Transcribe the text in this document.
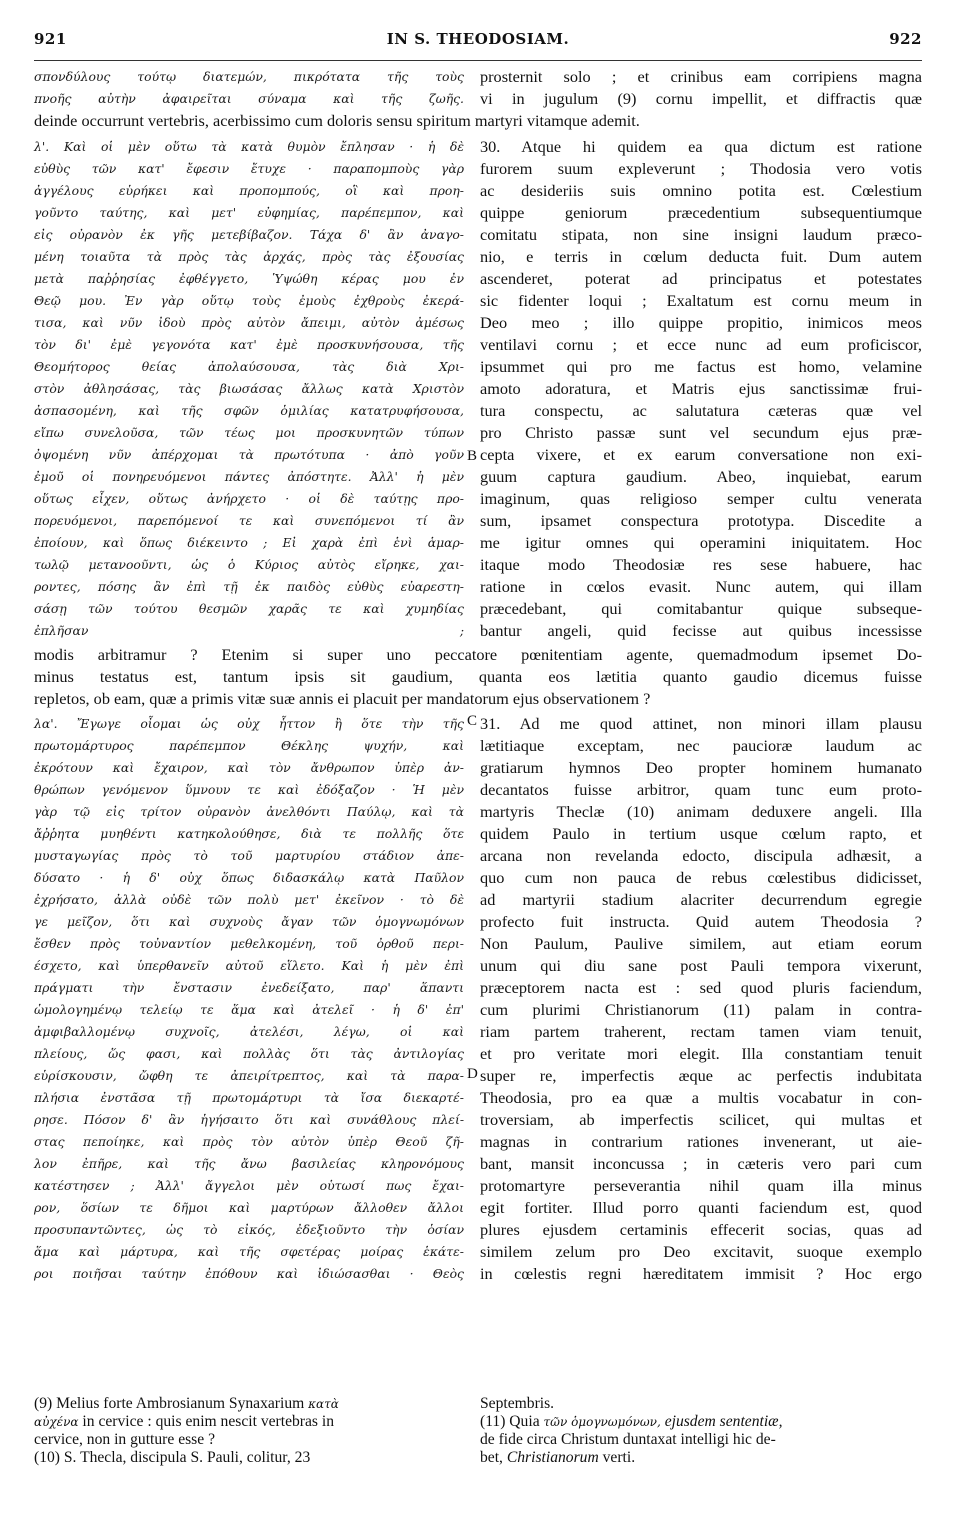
921	IN S. THEODOSIAM.	922
σπονδύλους τούτῳ διατεμών, πικρότατα τῆς τοὺς
πνοῆς αὐτὴν ἀφαιρεῖται σύναμα καὶ τῆς ζωῆς.
prosternit solo ; et crinibus eam corripiens magna
vi in jugulum (9) cornu impellit, et diffractis quæ
deinde occurrunt vertebris, acerbissimo cum doloris sensu spiritum martyri vitamque ademit.
λ'. Καὶ οἱ μὲν οὕτω τὰ κατὰ θυμὸν ἔπλησαν · ἡ δὲ
εὐθὺς τῶν κατ' ἔφεσιν ἔτυχε · παραπομποὺς γὰρ
ἀγγέλους εὑρήκει καὶ προπομπούς, οἳ καὶ προη-
γοῦντο ταύτης, καὶ μετ' εὐφημίας, παρέπεμπον, καὶ
εἰς οὐρανὸν ἐκ γῆς μετεβίβαζον. Τάχα δ' ἂν ἀναγο-
μένη τοιαῦτα τὰ πρὸς τὰς ἀρχάς, πρὸς τὰς ἐξουσίας
μετὰ παῤῥησίας ἐφθέγγετο, Ὑψώθη κέρας μου ἐν
Θεῷ μου. Ἐν γὰρ οὕτῳ τοὺς ἐμοὺς ἐχθροὺς ἐκερά-
τισα, καὶ νῦν ἰδοὺ πρὸς αὐτὸν ἄπειμι, αὐτὸν ἀμέσως
τὸν δι' ἐμὲ γεγονότα κατ' ἐμὲ προσκυνήσουσα, τῆς
Θεομήτορος θείας ἀπολαύσουσα, τὰς διὰ Χρι-
στὸν ἀθλησάσας, τὰς βιωσάσας ἄλλως κατὰ Χριστὸν
ἀσπασομένη, καὶ τῆς σφῶν ὁμιλίας κατατρυφήσουσα,
εἴπω συνελοῦσα, τῶν τέως μοι προσκυνητῶν τύπων
ὀψομένη νῦν ἀπέρχομαι τὰ πρωτότυπα · ἀπὸ γοῦν
ἐμοῦ οἱ πονηρευόμενοι πάντες ἀπόστητε. Ἀλλ' ἡ μὲν
οὕτως εἶχεν, οὕτως ἀνήρχετο · οἱ δὲ ταύτῃς προ-
πορευόμενοι, παρεπόμενοί τε καὶ συνεπόμενοι τί ἂν
ἐποίουν, καὶ ὅπως διέκειντο ; Εἰ χαρὰ ἐπὶ ἑνὶ ἁμαρ-
τωλῷ μετανοοῦντι, ὡς ὁ Κύριος αὐτὸς εἴρηκε, χαι-
ροντες, πόσης ἂν ἐπὶ τῇ ἐκ παιδὸς εὐθὺς εὐαρεστη-
σάσῃ τῶν τούτου θεσμῶν χαρᾶς τε καὶ χυμηδίας
ἐπλῆσαν ;
30. Atque hi quidem ea qua dictum est ratione
furorem suum expleverunt ; Thodosia vero votis
ac desideriis suis omnino potita est. Cœlestium
quippe geniorum præcedentium subsequentiumque
comitatu stipata, non sine insigni laudum præco-
nio, e terris in cœlum deducta fuit. Dum autem
ascenderet, poterat ad principatus et potestates
sic fidenter loqui ; Exaltatum est cornu meum in
Deo meo ; illo quippe propitio, inimicos meos
ventilavi cornu ; et ecce nunc ad eum proficiscor,
ipsummet qui pro me factus est homo, velamine
amoto adoratura, et Matris ejus sanctissimæ frui-
tura conspectu, ac salutatura cæteras quæ vel
pro Christo passæ sunt vel secundum ejus præ-
cepta vixere, et ex earum conversatione non exi-
guum captura gaudium. Abeo, inquiebat, earum
imaginum, quas religioso semper cultu venerata
sum, ipsamet conspectura prototypa. Discedite a
me igitur omnes qui operamini iniquitatem. Hoc
itaque modo Theodosiæ res sese habuere, hac
ratione in cœlos evasit. Nunc autem, qui illam
præcedebant, qui comitabantur quique subseque-
bantur angeli, quid fecisse aut quibus incessisse
B
modis arbitramur ? Etenim si super uno peccatore pœnitentiam agente, quemadmodum ipsemet Do-
minus testatus est, tantum ipsis sit gaudium, quanta eos lætitia quanto gaudio dicemus fuisse
repletos, ob eam, quæ a primis vitæ suæ annis ei placuit per mandatorum ejus observationem ?
λα'. Ἔγωγε οἶομαι ὡς οὐχ ἧττον ἢ ὅτε τὴν τῆς
πρωτομάρτυρος παρέπεμπον Θέκλης ψυχήν, καὶ
ἐκρότουν καὶ ἔχαιρον, καὶ τὸν ἄνθρωπον ὑπὲρ ἀν-
θρώπων γενόμενον ὕμνουν τε καὶ ἐδόξαζον · Ἡ μὲν
γὰρ τῷ εἰς τρίτον οὐρανὸν ἀνελθόντι Παύλῳ, καὶ τὰ
ἄῤῥητα μυηθέντι κατηκολούθησε, διὰ τε πολλῆς ὅτε
μυσταγωγίας πρὸς τὸ τοῦ μαρτυρίου στάδιον ἀπε-
δύσατο · ἡ δ' οὐχ ὅπως διδασκάλῳ κατὰ Παῦλον
ἐχρήσατο, ἀλλὰ οὐδὲ τῶν πολὺ μετ' ἐκεῖνον · τὸ δὲ
γε μεῖζον, ὅτι καὶ συχνοὺς ἄγαν τῶν ὁμογνωμόνων
ἔσθεν πρὸς τοὐναντίον μεθελκομένη, τοῦ ὀρθοῦ περι-
έσχετο, καὶ ὑπερθανεῖν αὐτοῦ εἵλετο. Καὶ ἡ μὲν ἐπὶ
πράγματι τὴν ἔνστασιν ἐνεδείξατο, παρ' ἅπαντι
ὡμολογημένῳ τελείῳ τε ἅμα καὶ ἀτελεῖ · ἡ δ' ἐπ'
ἀμφιβαλλομένῳ συχνοῖς, ἀτελέσι, λέγω, οἱ καὶ
πλείους, ὥς φασι, καὶ πολλὰς ὅτι τὰς ἀντιλογίας
εὑρίσκουσιν, ὤφθη τε ἀπειρίτρεπτος, καὶ τὰ παρα-
πλήσια ἐνστᾶσα τῇ πρωτομάρτυρι τὰ ἴσα διεκαρτέ-
ρησε. Πόσον δ' ἂν ἡγήσαιτο ὅτι καὶ συνάθλους πλεί-
στας πεποίηκε, καὶ πρὸς τὸν αὐτὸν ὑπὲρ Θεοῦ ζῆ-
λον ἐπῆρε, καὶ τῆς ἄνω βασιλείας κληρονόμους
κατέστησεν ; Ἀλλ' ἄγγελοι μὲν οὑτωσί πως ἔχαι-
ρον, ὅσίων τε δῆμοι καὶ μαρτύρων ἄλλοθεν ἄλλοι
προσυπαντῶντες, ὡς τὸ εἰκός, ἐδεξιοῦντο τὴν ὁσίαν
ἅμα καὶ μάρτυρα, καὶ τῆς σφετέρας μοίρας ἑκάτε-
ροι ποιῆσαι ταύτην ἐπόθουν καὶ ἰδιώσασθαι · Θεὸς
31. Ad me quod attinet, non minori illam plausu
lætitiaque exceptam, nec paucioræ laudum ac
gratiarum hymnos Deo propter hominem humanato
decantatos fuisse arbitror, quam tunc eum proto-
martyris Theclæ (10) animam deduxere angeli. Illa
quidem Paulo in tertium usque cœlum rapto, et
arcana non revelanda edocto, discipula adhæsit, a
quo cum non pauca de rebus cœlestibus didicisset,
ad martyrii stadium alacriter decurrendum egregie
profecto fuit instructa. Quid autem Theodosia ?
Non Paulum, Paulive similem, aut etiam eorum
unum qui diu sane post Pauli tempora vixerunt,
præceptorem nacta est : sed quod pluris faciendum,
cum plurimi Christianorum (11) palam in contra-
riam partem traherent, rectam tamen viam tenuit,
et pro veritate mori elegit. Illa constantiam tenuit
super re, imperfectis æque ac perfectis indubitata
Theodosia, pro ea quæ a multis vocabatur in con-
troversiam, ab imperfectis scilicet, qui multas et
magnas in contrarium rationes invenerant, ut aie-
bant, mansit inconcussa ; in cæteris vero pari cum
protomartyre perseverantia nihil quam illa minus
egit fortiter. Illud porro quanti faciendum est, quod
plures ejusdem certaminis effecerit socias, quas ad
similem zelum pro Deo excitavit, suoque exemplo
in cœlestis regni hæreditatem immisit ? Hoc ergo
C
D
(9) Melius forte Ambrosianum Synaxarium κατὰ
αὐχένα in cervice : quis enim nescit vertebras in
cervice, non in gutture esse ?
(10) S. Thecla, discipula S. Pauli, colitur, 23
Septembris.
(11) Quia τῶν ὁμογνωμόνων, ejusdem sententiæ,
de fide circa Christum duntaxat intelligi hic de-
bet, Christianorum verti.
